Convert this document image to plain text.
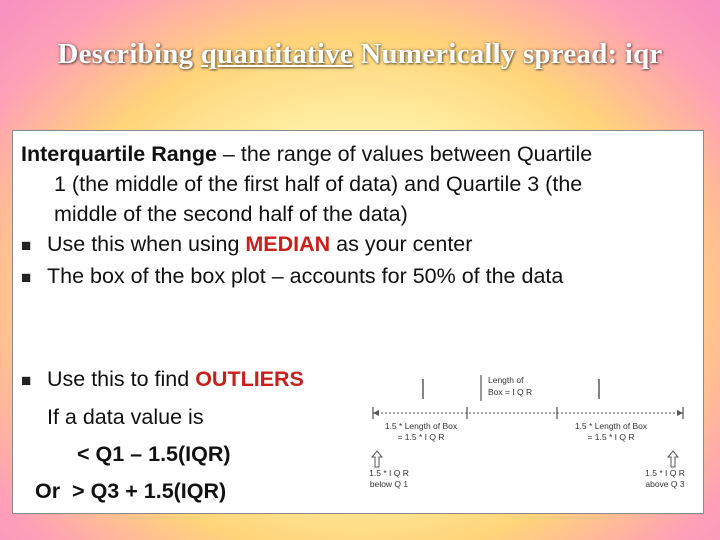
Describing quantitative Numerically spread: iqr
Interquartile Range – the range of values between Quartile
1 (the middle of the first half of data) and Quartile 3 (the
middle of the second half of the data)
■ Use this when using MEDIAN as your center
■ The box of the box plot – accounts for 50% of the data
■ Use this to find OUTLIERS
If a data value is
< Q1 – 1.5(IQR)
Or > Q3 + 1.5(IQR)
Length of
Box = I Q R
1.5 * Length of Box
= 1.5 * I Q R
1.5 * Length of Box
= 1.5 * I Q R
1.5 * I Q R
below Q 1
1.5 * I Q R
above Q 3
